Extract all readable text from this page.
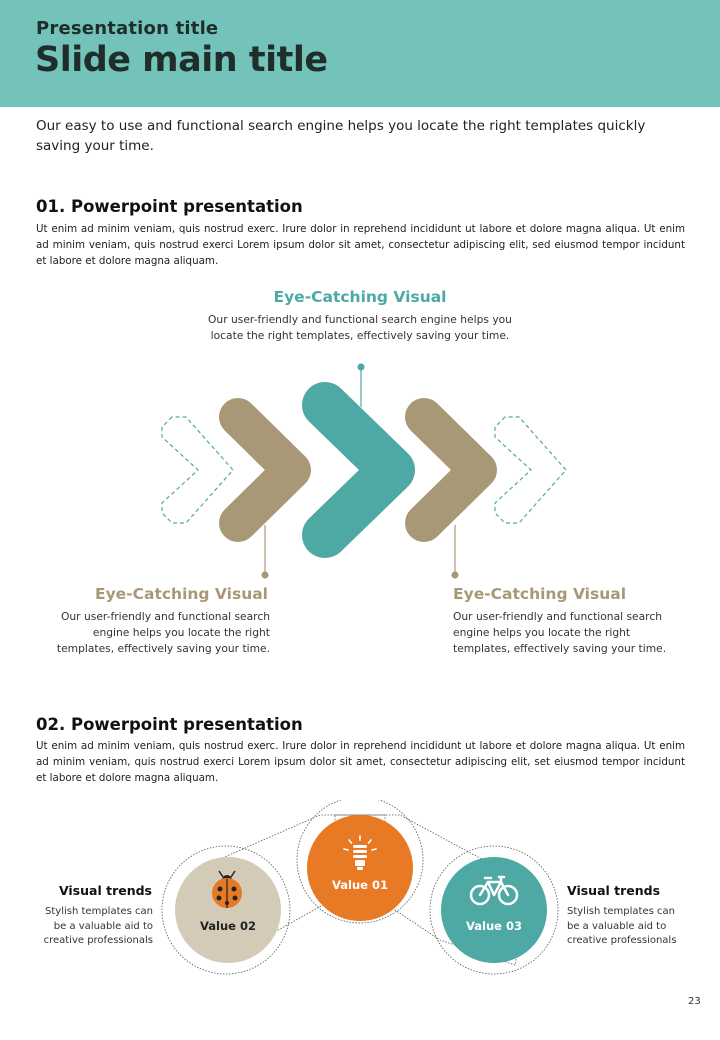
Presentation title
Slide main title
Our easy to use and functional search engine helps you locate the right templates quickly saving your time.
01. Powerpoint presentation
Ut enim ad minim veniam, quis nostrud exerc. Irure dolor in reprehend incididunt ut labore et dolore magna aliqua. Ut enim ad minim veniam, quis nostrud exerci Lorem ipsum dolor sit amet, consectetur adipiscing elit, sed eiusmod tempor incidunt et labore et dolore magna aliquam.
Eye-Catching Visual
Our user-friendly and functional search engine helps you locate the right templates, effectively saving your time.
Eye-Catching Visual
Our user-friendly and functional search engine helps you locate the right templates, effectively saving your time.
Eye-Catching Visual
Our user-friendly and functional search engine helps you locate the right templates, effectively saving your time.
02. Powerpoint presentation
Ut enim ad minim veniam, quis nostrud exerc. Irure dolor in reprehend incididunt ut labore et dolore magna aliqua. Ut enim ad minim veniam, quis nostrud exerci Lorem ipsum dolor sit amet, consectetur adipiscing elit, set eiusmod tempor incidunt et labore et dolore magna aliquam.
Value 02
Value 01
Value 03
Visual trends
Stylish templates can be a valuable aid to creative professionals
Visual trends
Stylish templates can be a valuable aid to creative professionals
23
